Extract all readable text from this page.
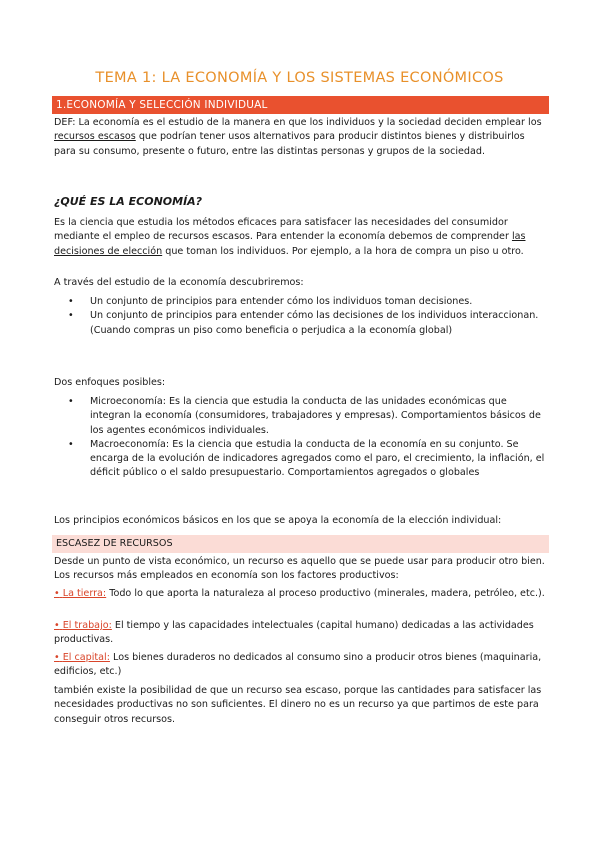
TEMA 1: LA ECONOMÍA Y LOS SISTEMAS ECONÓMICOS
1.ECONOMÍA Y SELECCIÓN INDIVIDUAL

DEF: La economía es el estudio de la manera en que los individuos y la sociedad deciden emplear los recursos escasos que podrían tener usos alternativos para producir distintos bienes y distribuirlos para su consumo, presente o futuro, entre las distintas personas y grupos de la sociedad.

¿QUÉ ES LA ECONOMÍA?

Es la ciencia que estudia los métodos eficaces para satisfacer las necesidades del consumidor mediante el empleo de recursos escasos. Para entender la economía debemos de comprender las decisiones de elección que toman los individuos. Por ejemplo, a la hora de compra un piso u otro.

A través del estudio de la economía descubriremos:

• Un conjunto de principios para entender cómo los individuos toman decisiones.
• Un conjunto de principios para entender cómo las decisiones de los individuos interaccionan. (Cuando compras un piso como beneficia o perjudica a la economía global)

Dos enfoques posibles:

• Microeconomía: Es la ciencia que estudia la conducta de las unidades económicas que integran la economía (consumidores, trabajadores y empresas). Comportamientos básicos de los agentes económicos individuales.
• Macroeconomía: Es la ciencia que estudia la conducta de la economía en su conjunto. Se encarga de la evolución de indicadores agregados como el paro, el crecimiento, la inflación, el déficit público o el saldo presupuestario. Comportamientos agregados o globales

Los principios económicos básicos en los que se apoya la economía de la elección individual:

ESCASEZ DE RECURSOS

Desde un punto de vista económico, un recurso es aquello que se puede usar para producir otro bien. Los recursos más empleados en economía son los factores productivos:

• La tierra: Todo lo que aporta la naturaleza al proceso productivo (minerales, madera, petróleo, etc.).

• El trabajo: El tiempo y las capacidades intelectuales (capital humano) dedicadas a las actividades productivas.

• El capital: Los bienes duraderos no dedicados al consumo sino a producir otros bienes (maquinaria, edificios, etc.)

también existe la posibilidad de que un recurso sea escaso, porque las cantidades para satisfacer las necesidades productivas no son suficientes. El dinero no es un recurso ya que partimos de este para conseguir otros recursos.
